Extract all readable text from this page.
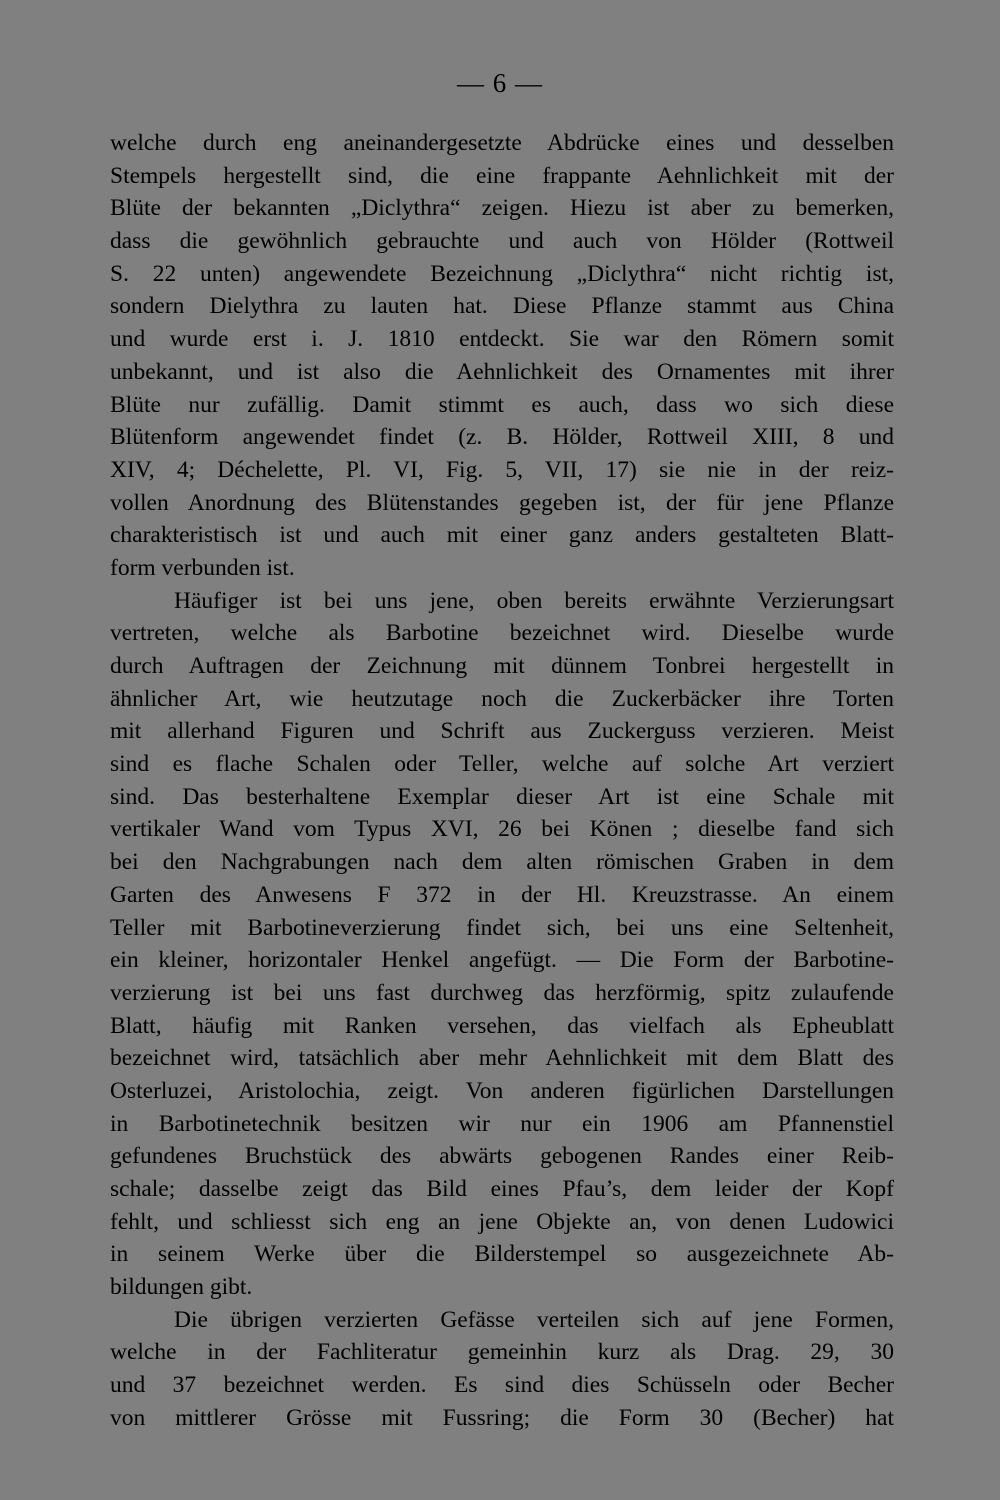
— 6 —
welche durch eng aneinandergesetzte Abdrücke eines und desselben
Stempels hergestellt sind, die eine frappante Aehnlichkeit mit der
Blüte der bekannten „Diclythra“ zeigen. Hiezu ist aber zu bemerken,
dass die gewöhnlich gebrauchte und auch von Hölder (Rottweil
S. 22 unten) angewendete Bezeichnung „Diclythra“ nicht richtig ist,
sondern Dielythra zu lauten hat. Diese Pflanze stammt aus China
und wurde erst i. J. 1810 entdeckt. Sie war den Römern somit
unbekannt, und ist also die Aehnlichkeit des Ornamentes mit ihrer
Blüte nur zufällig. Damit stimmt es auch, dass wo sich diese
Blütenform angewendet findet (z. B. Hölder, Rottweil XIII, 8 und
XIV, 4; Déchelette, Pl. VI, Fig. 5, VII, 17) sie nie in der reiz-
vollen Anordnung des Blütenstandes gegeben ist, der für jene Pflanze
charakteristisch ist und auch mit einer ganz anders gestalteten Blatt-
form verbunden ist.
Häufiger ist bei uns jene, oben bereits erwähnte Verzierungsart
vertreten, welche als Barbotine bezeichnet wird. Dieselbe wurde
durch Auftragen der Zeichnung mit dünnem Tonbrei hergestellt in
ähnlicher Art, wie heutzutage noch die Zuckerbäcker ihre Torten
mit allerhand Figuren und Schrift aus Zuckerguss verzieren. Meist
sind es flache Schalen oder Teller, welche auf solche Art verziert
sind. Das besterhaltene Exemplar dieser Art ist eine Schale mit
vertikaler Wand vom Typus XVI, 26 bei Könen ; dieselbe fand sich
bei den Nachgrabungen nach dem alten römischen Graben in dem
Garten des Anwesens F 372 in der Hl. Kreuzstrasse. An einem
Teller mit Barbotineverzierung findet sich, bei uns eine Seltenheit,
ein kleiner, horizontaler Henkel angefügt. — Die Form der Barbotine-
verzierung ist bei uns fast durchweg das herzförmig, spitz zulaufende
Blatt, häufig mit Ranken versehen, das vielfach als Epheublatt
bezeichnet wird, tatsächlich aber mehr Aehnlichkeit mit dem Blatt des
Osterluzei, Aristolochia, zeigt. Von anderen figürlichen Darstellungen
in Barbotinetechnik besitzen wir nur ein 1906 am Pfannenstiel
gefundenes Bruchstück des abwärts gebogenen Randes einer Reib-
schale; dasselbe zeigt das Bild eines Pfau’s, dem leider der Kopf
fehlt, und schliesst sich eng an jene Objekte an, von denen Ludowici
in seinem Werke über die Bilderstempel so ausgezeichnete Ab-
bildungen gibt.
Die übrigen verzierten Gefässe verteilen sich auf jene Formen,
welche in der Fachliteratur gemeinhin kurz als Drag. 29, 30
und 37 bezeichnet werden. Es sind dies Schüsseln oder Becher
von mittlerer Grösse mit Fussring; die Form 30 (Becher) hat
